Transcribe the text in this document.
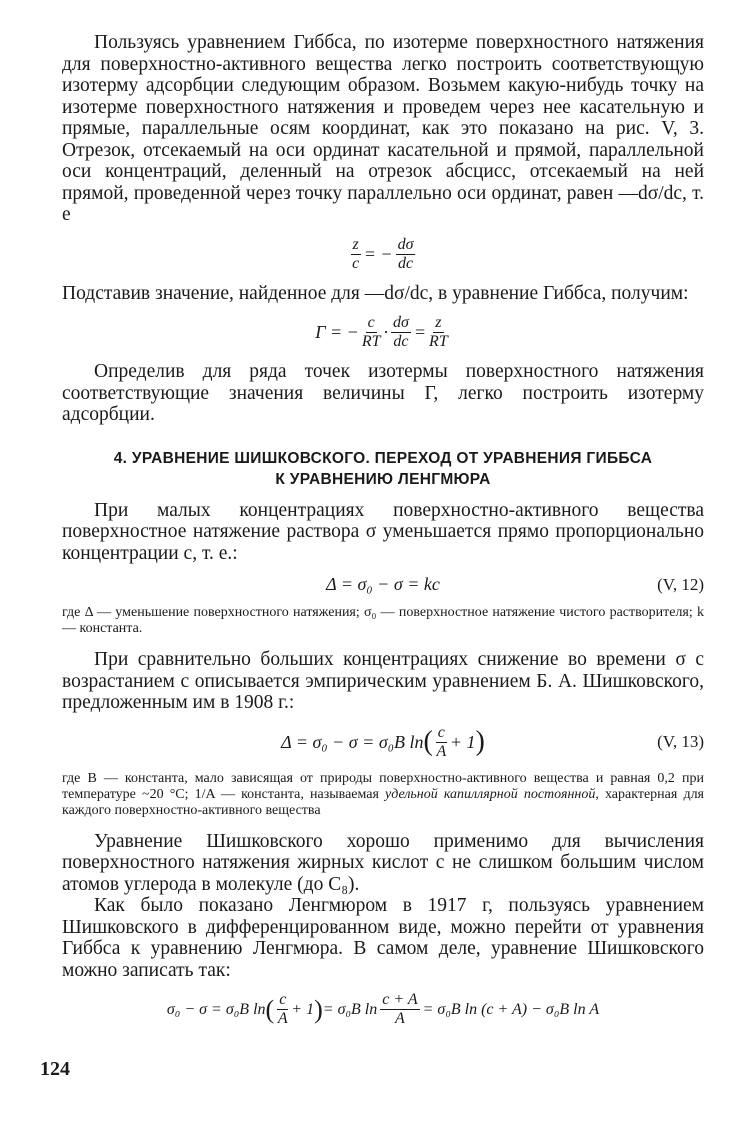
Пользуясь уравнением Гиббса, по изотерме поверхностного натяжения для поверхностно-активного вещества легко построить соответствующую изотерму адсорбции следующим образом. Возьмем какую-нибудь точку на изотерме поверхностного натяжения и проведем через нее касательную и прямые, параллельные осям координат, как это показано на рис. V, 3. Отрезок, отсекаемый на оси ординат касательной и прямой, параллельной оси концентраций, деленный на отрезок абсцисс, отсекаемый на ней прямой, проведенной через точку параллельно оси ординат, равен —dσ/dc, т. е

$\frac{z}{c}$ = − $\frac{d\sigma}{dc}$

Подставив значение, найденное для —dσ/dc, в уравнение Гиббса, получим:

Γ = − $\frac{c}{RT} \cdot \frac{d\sigma}{dc} = \frac{z}{RT}$

Определив для ряда точек изотермы поверхностного натяжения соответствующие значения величины Γ, легко построить изотерму адсорбции.

4. УРАВНЕНИЕ ШИШКОВСКОГО. ПЕРЕХОД ОТ УРАВНЕНИЯ ГИББСА
К УРАВНЕНИЮ ЛЕНГМЮРА

При малых концентрациях поверхностно-активного вещества поверхностное натяжение раствора σ уменьшается прямо пропорционально концентрации c, т. е.:

Δ = σ₀ − σ = kc	(V, 12)
где Δ — уменьшение поверхностного натяжения; σ₀ — поверхностное натяжение чистого растворителя; k — константа.

При сравнительно больших концентрациях снижение во времени σ с возрастанием c описывается эмпирическим уравнением Б. А. Шишковского, предложенным им в 1908 г.:

Δ = σ₀ − σ = σ₀B ln ( $\frac{c}{A} + 1$ )	(V, 13)
где B — константа, мало зависящая от природы поверхностно-активного вещества и равная 0,2 при температуре ~20 °C; 1/A — константа, называемая удельной капиллярной постоянной, характерная для каждого поверхностно-активного вещества

Уравнение Шишковского хорошо применимо для вычисления поверхностного натяжения жирных кислот с не слишком большим числом атомов углерода в молекуле (до C₈).

Как было показано Ленгмюром в 1917 г, пользуясь уравнением Шишковского в дифференцированном виде, можно перейти от уравнения Гиббса к уравнению Ленгмюра. В самом деле, уравнение Шишковского можно записать так:

σ₀ − σ = σ₀B ln ( $\frac{c}{A} + 1$ ) = σ₀B $\ln \frac{c + A}{A} = \sigma_0B$ ln (c + A) − σ₀B ln A
124
